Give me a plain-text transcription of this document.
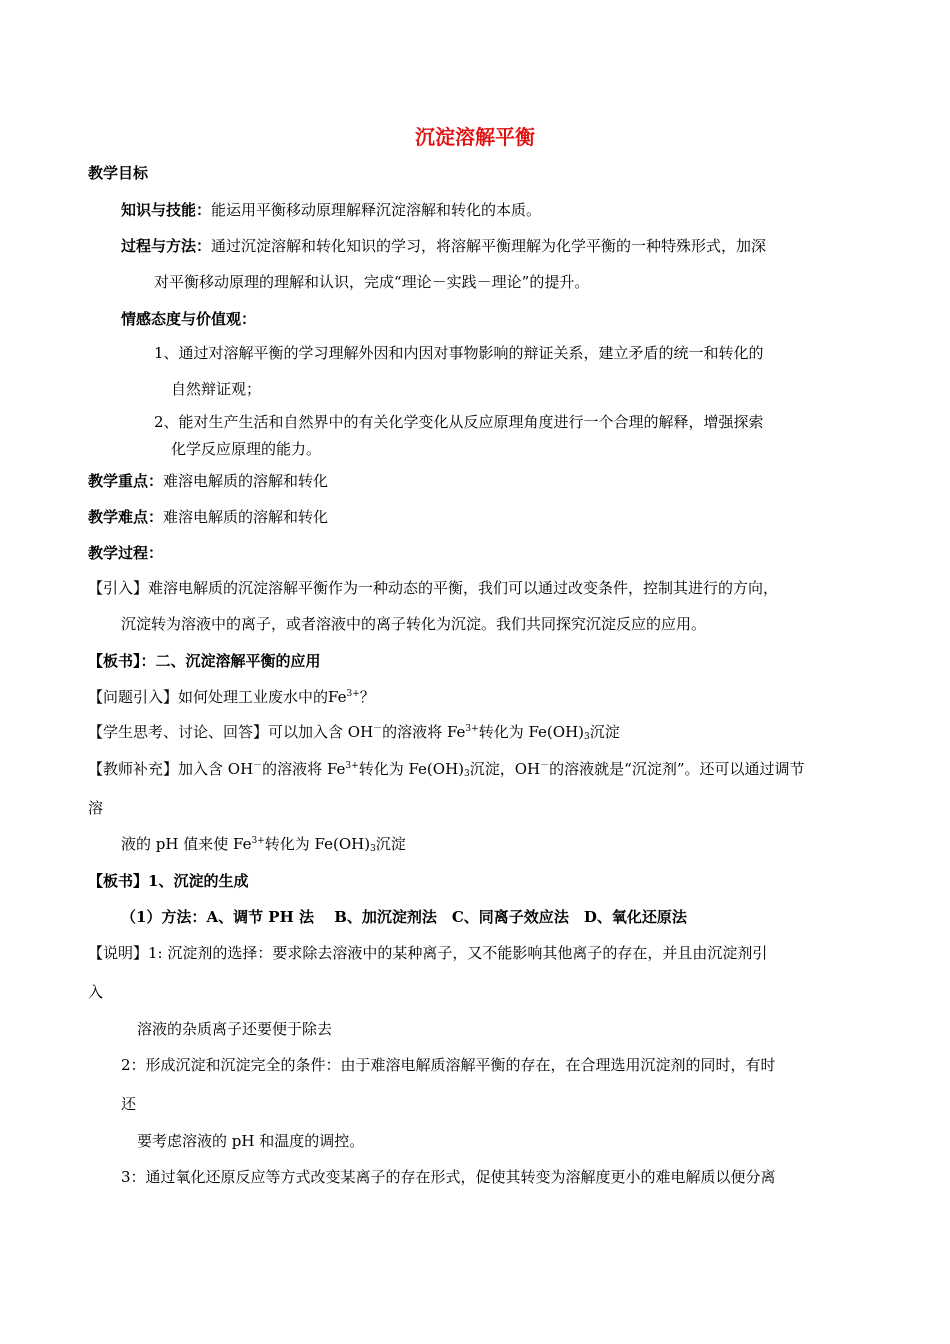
沉淀溶解平衡
教学目标
知识与技能：能运用平衡移动原理解释沉淀溶解和转化的本质。
过程与方法：通过沉淀溶解和转化知识的学习，将溶解平衡理解为化学平衡的一种特殊形式，加深
对平衡移动原理的理解和认识，完成“理论－实践－理论”的提升。
情感态度与价值观：
1、通过对溶解平衡的学习理解外因和内因对事物影响的辩证关系，建立矛盾的统一和转化的
自然辩证观；
2、能对生产生活和自然界中的有关化学变化从反应原理角度进行一个合理的解释，增强探索
化学反应原理的能力。
教学重点：难溶电解质的溶解和转化
教学难点：难溶电解质的溶解和转化
教学过程：
【引入】难溶电解质的沉淀溶解平衡作为一种动态的平衡，我们可以通过改变条件，控制其进行的方向，
沉淀转为溶液中的离子，或者溶液中的离子转化为沉淀。我们共同探究沉淀反应的应用。
【板书】：二、沉淀溶解平衡的应用
【问题引入】如何处理工业废水中的$Fe^{3+}$？
【学生思考、讨论、回答】可以加入含 OH－的溶液将 $Fe^{3+}$转化为 $Fe(OH)_3$沉淀
【教师补充】加入含 OH－的溶液将 $Fe^{3+}$转化为 $Fe(OH)_3$沉淀，OH－的溶液就是“沉淀剂”。还可以通过调节
溶
液的 pH 值来使 $Fe^{3+}$转化为 $Fe(OH)_3$沉淀
【板书】1、沉淀的生成
（1）方法：A、调节 PH 法　 B、加沉淀剂法　C、同离子效应法　D、氧化还原法
【说明】1: 沉淀剂的选择：要求除去溶液中的某种离子，又不能影响其他离子的存在，并且由沉淀剂引
入
溶液的杂质离子还要便于除去
2：形成沉淀和沉淀完全的条件：由于难溶电解质溶解平衡的存在，在合理选用沉淀剂的同时，有时
还
要考虑溶液的 pH 和温度的调控。
3：通过氧化还原反应等方式改变某离子的存在形式，促使其转变为溶解度更小的难电解质以便分离
